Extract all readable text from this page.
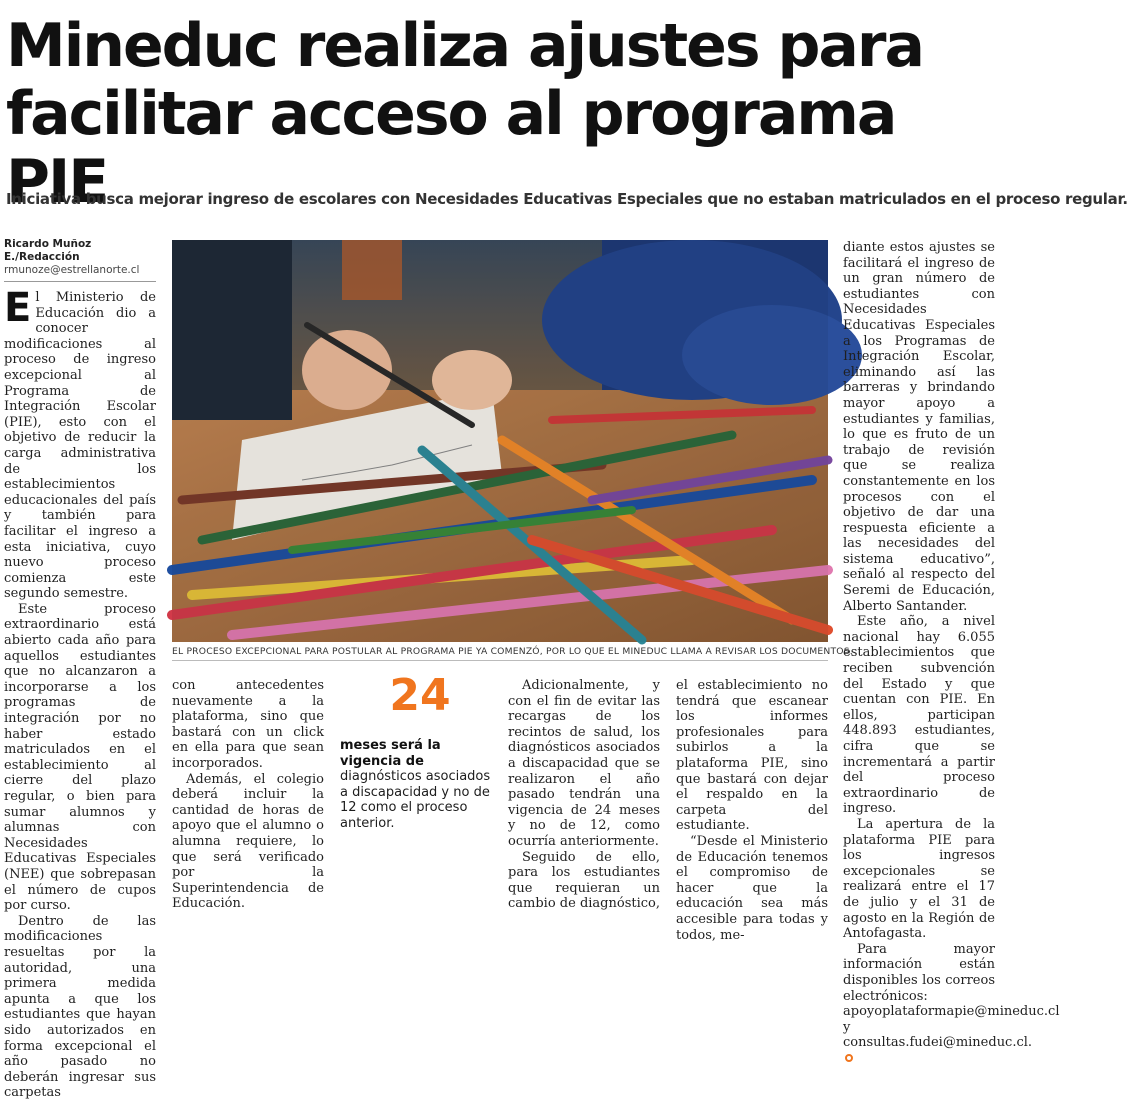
Mineduc realiza ajustes para
facilitar acceso al programa PIE
Iniciativa busca mejorar ingreso de escolares con Necesidades Educativas Especiales que no estaban matriculados en el proceso regular.
Ricardo Muñoz E./Redacción
rmunoze@estrellanorte.cl

El Ministerio de Educación dio a conocer modificaciones al proceso de ingreso excepcional al Programa de Integración Escolar (PIE), esto con el objetivo de reducir la carga administrativa de los establecimientos educacionales del país y también para facilitar el ingreso a esta iniciativa, cuyo nuevo proceso comienza este segundo semestre.

Este proceso extraordinario está abierto cada año para aquellos estudiantes que no alcanzaron a incorporarse a los programas de integración por no haber estado matriculados en el establecimiento al cierre del plazo regular, o bien para sumar alumnos y alumnas con Necesidades Educativas Especiales (NEE) que sobrepasan el número de cupos por curso.

Dentro de las modificaciones resueltas por la autoridad, una primera medida apunta a que los estudiantes que hayan sido autorizados en forma excepcional el año pasado no deberán ingresar sus carpetas

EL PROCESO EXCEPCIONAL PARA POSTULAR AL PROGRAMA PIE YA COMENZÓ, POR LO QUE EL MINEDUC LLAMA A REVISAR LOS DOCUMENTOS.

con antecedentes nuevamente a la plataforma, sino que bastará con un click en ella para que sean incorporados.

Además, el colegio deberá incluir la cantidad de horas de apoyo que el alumno o alumna requiere, lo que será verificado por la Superintendencia de Educación.

24
meses será la vigencia de diagnósticos asociados a discapacidad y no de 12 como el proceso anterior.

Adicionalmente, y con el fin de evitar las recargas de los recintos de salud, los diagnósticos asociados a discapacidad que se realizaron el año pasado tendrán una vigencia de 24 meses y no de 12, como ocurría anteriormente.

Seguido de ello, para los estudiantes que requieran un cambio de diagnóstico,

el establecimiento no tendrá que escanear los informes profesionales para subirlos a la plataforma PIE, sino que bastará con dejar el respaldo en la carpeta del estudiante.

“Desde el Ministerio de Educación tenemos el compromiso de hacer que la educación sea más accesible para todas y todos, me-

diante estos ajustes se facilitará el ingreso de un gran número de estudiantes con Necesidades Educativas Especiales a los Programas de Integración Escolar, eliminando así las barreras y brindando mayor apoyo a estudiantes y familias, lo que es fruto de un trabajo de revisión que se realiza constantemente en los procesos con el objetivo de dar una respuesta eficiente a las necesidades del sistema educativo”, señaló al respecto del Seremi de Educación, Alberto Santander.

Este año, a nivel nacional hay 6.055 establecimientos que reciben subvención del Estado y que cuentan con PIE. En ellos, participan 448.893 estudiantes, cifra que se incrementará a partir del proceso extraordinario de ingreso.

La apertura de la plataforma PIE para los ingresos excepcionales se realizará entre el 17 de julio y el 31 de agosto en la Región de Antofagasta.

Para mayor información están disponibles los correos electrónicos: apoyoplataformapie@mineduc.cl y consultas.fudei@mineduc.cl.
